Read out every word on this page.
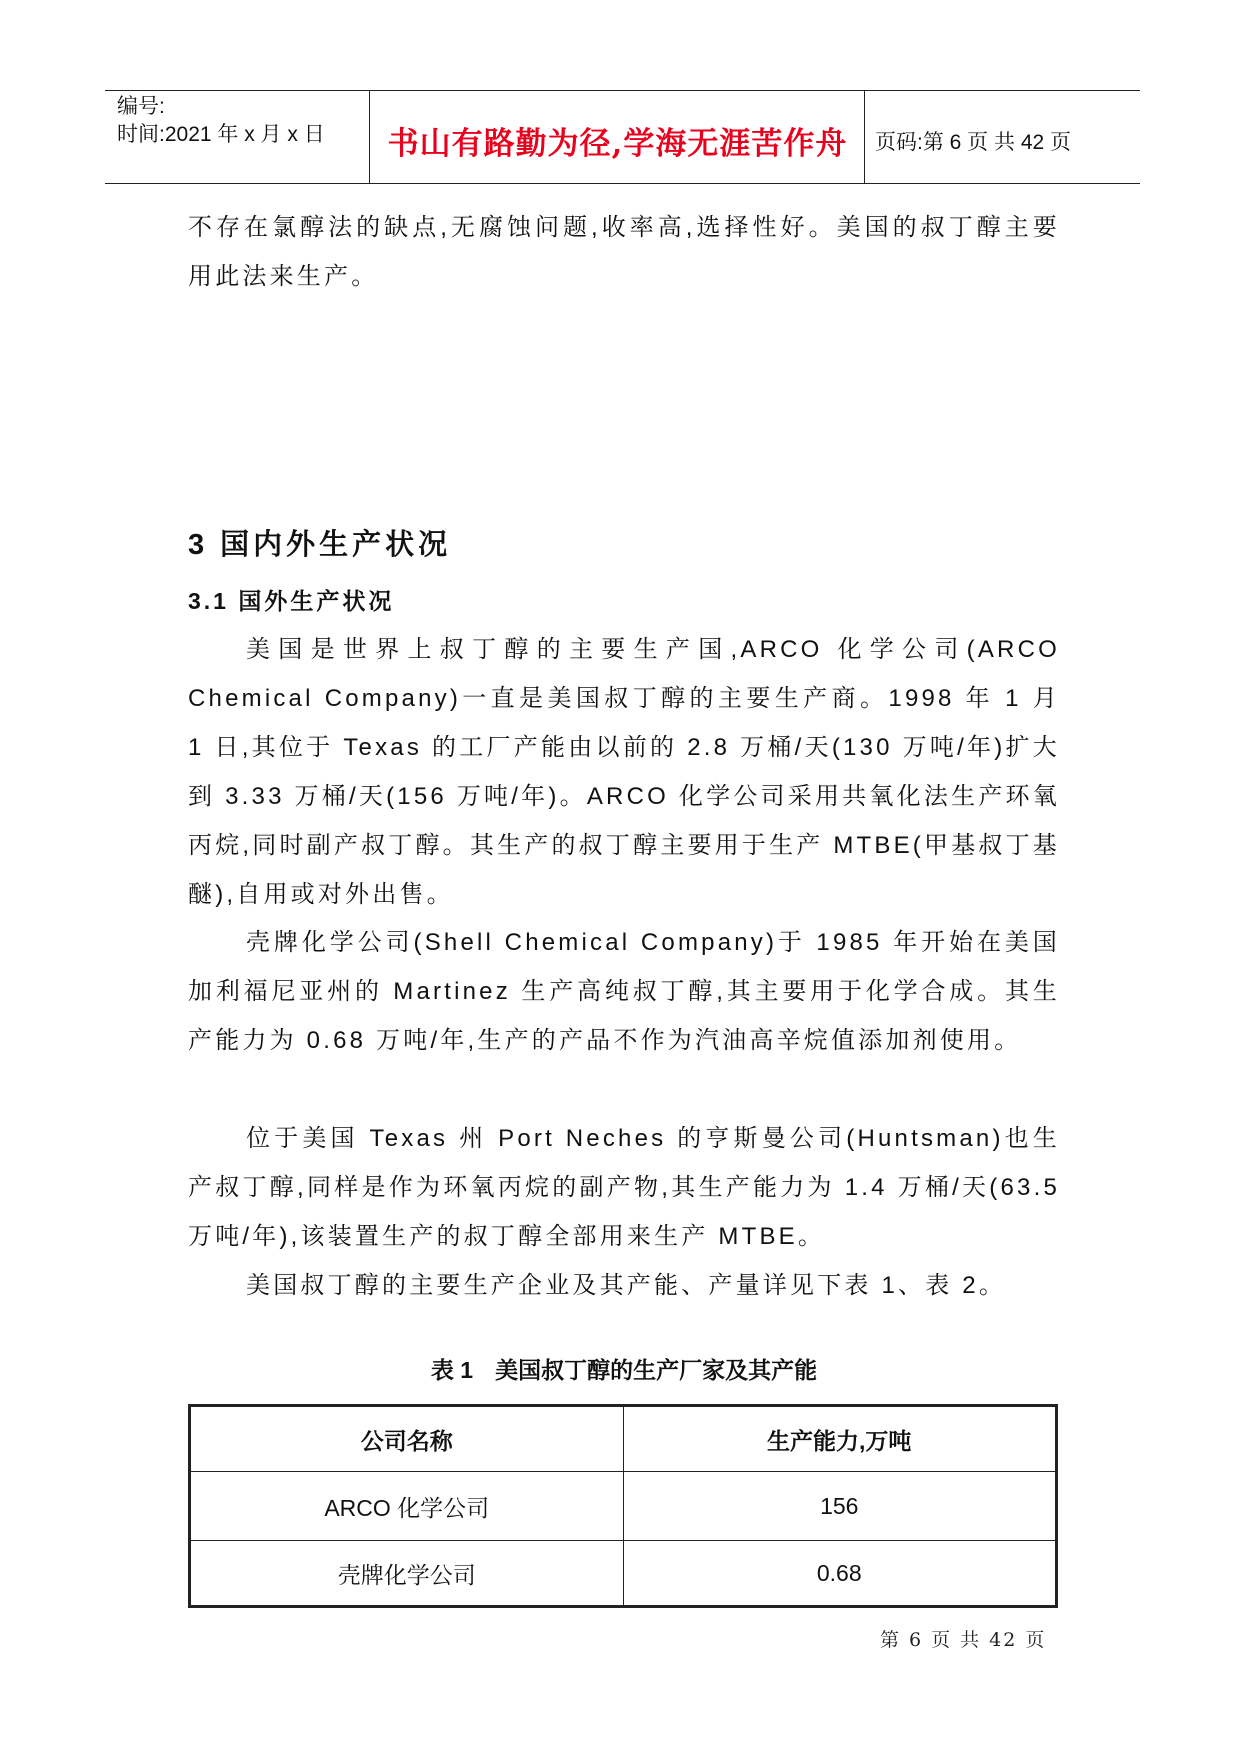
编号:
时间:2021 年 x 月 x 日 书山有路勤为径,学海无涯苦作舟 页码:第 6 页 共 42 页
不存在氯醇法的缺点,无腐蚀问题,收率高,选择性好。美国的叔丁醇主要用此法来生产。
3 国内外生产状况
3.1 国外生产状况
美国是世界上叔丁醇的主要生产国,ARCO 化学公司(ARCO Chemical Company)一直是美国叔丁醇的主要生产商。1998 年 1 月 1 日,其位于 Texas 的工厂产能由以前的 2.8 万桶/天(130 万吨/年)扩大到 3.33 万桶/天(156 万吨/年)。ARCO 化学公司采用共氧化法生产环氧丙烷,同时副产叔丁醇。其生产的叔丁醇主要用于生产 MTBE(甲基叔丁基醚),自用或对外出售。
壳牌化学公司(Shell Chemical Company)于 1985 年开始在美国加利福尼亚州的 Martinez 生产高纯叔丁醇,其主要用于化学合成。其生产能力为 0.68 万吨/年,生产的产品不作为汽油高辛烷值添加剂使用。
位于美国 Texas 州 Port Neches 的亨斯曼公司(Huntsman)也生产叔丁醇,同样是作为环氧丙烷的副产物,其生产能力为 1.4 万桶/天(63.5 万吨/年),该装置生产的叔丁醇全部用来生产 MTBE。
美国叔丁醇的主要生产企业及其产能、产量详见下表 1、表 2。
表 1 美国叔丁醇的生产厂家及其产能
公司名称	生产能力,万吨
ARCO 化学公司	156
壳牌化学公司	0.68
第 6 页 共 42 页
